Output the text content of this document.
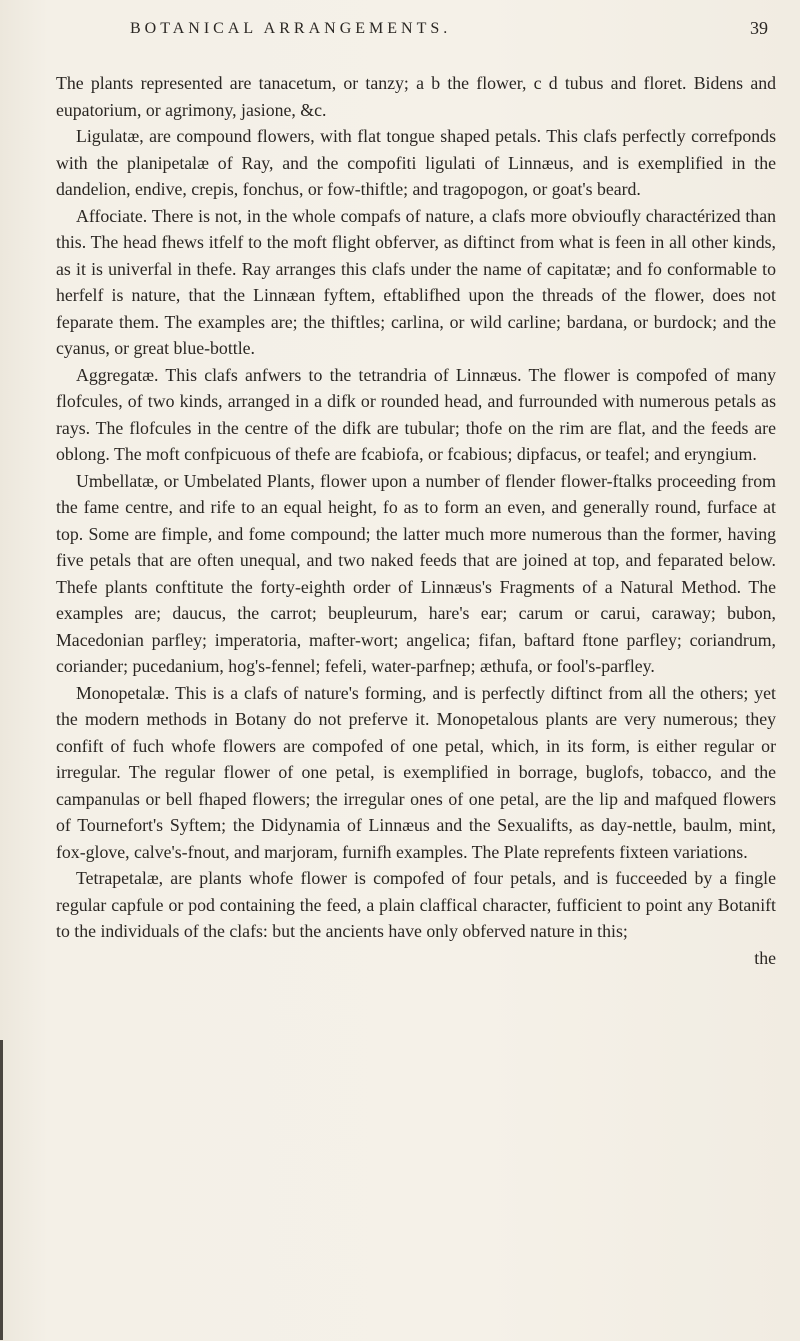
BOTANICAL ARRANGEMENTS.	39

The plants represented are tanacetum, or tanzy; a b the flower, c d tubus and floret. Bidens and eupatorium, or agrimony, jasione, &c.

Ligulatæ, are compound flowers, with flat tongue shaped petals. This clafs perfectly correfponds with the planipetalæ of Ray, and the compofiti ligulati of Linnæus, and is exemplified in the dandelion, endive, crepis, fonchus, or fow-thiftle; and tragopogon, or goat's beard.

Affociate. There is not, in the whole compafs of nature, a clafs more obvioufly charactérized than this. The head fhews itfelf to the moft flight obferver, as diftinct from what is feen in all other kinds, as it is univerfal in thefe. Ray arranges this clafs under the name of capitatæ; and fo conformable to herfelf is nature, that the Linnæan fyftem, eftablifhed upon the threads of the flower, does not feparate them. The examples are; the thiftles; carlina, or wild carline; bardana, or burdock; and the cyanus, or great blue-bottle.

Aggregatæ. This clafs anfwers to the tetrandria of Linnæus. The flower is compofed of many flofcules, of two kinds, arranged in a difk or rounded head, and furrounded with numerous petals as rays. The flofcules in the centre of the difk are tubular; thofe on the rim are flat, and the feeds are oblong. The moft confpicuous of thefe are fcabiofa, or fcabious; dipfacus, or teafel; and eryngium.

Umbellatæ, or Umbelated Plants, flower upon a number of flender flower-ftalks proceeding from the fame centre, and rife to an equal height, fo as to form an even, and generally round, furface at top. Some are fimple, and fome compound; the latter much more numerous than the former, having five petals that are often unequal, and two naked feeds that are joined at top, and feparated below. Thefe plants conftitute the forty-eighth order of Linnæus's Fragments of a Natural Method. The examples are; daucus, the carrot; beupleurum, hare's ear; carum or carui, caraway; bubon, Macedonian parfley; imperatoria, mafter-wort; angelica; fifan, baftard ftone parfley; coriandrum, coriander; pucedanium, hog's-fennel; fefeli, water-parfnep; æthufa, or fool's-parfley.

Monopetalæ. This is a clafs of nature's forming, and is perfectly diftinct from all the others; yet the modern methods in Botany do not preferve it. Monopetalous plants are very numerous; they confift of fuch whofe flowers are compofed of one petal, which, in its form, is either regular or irregular. The regular flower of one petal, is exemplified in borrage, buglofs, tobacco, and the campanulas or bell fhaped flowers; the irregular ones of one petal, are the lip and mafqued flowers of Tournefort's Syftem; the Didynamia of Linnæus and the Sexualifts, as day-nettle, baulm, mint, fox-glove, calve's-fnout, and marjoram, furnifh examples. The Plate reprefents fixteen variations.

Tetrapetalæ, are plants whofe flower is compofed of four petals, and is fucceeded by a fingle regular capfule or pod containing the feed, a plain claffical character, fufficient to point any Botanift to the individuals of the clafs: but the ancients have only obferved nature in this;

the
